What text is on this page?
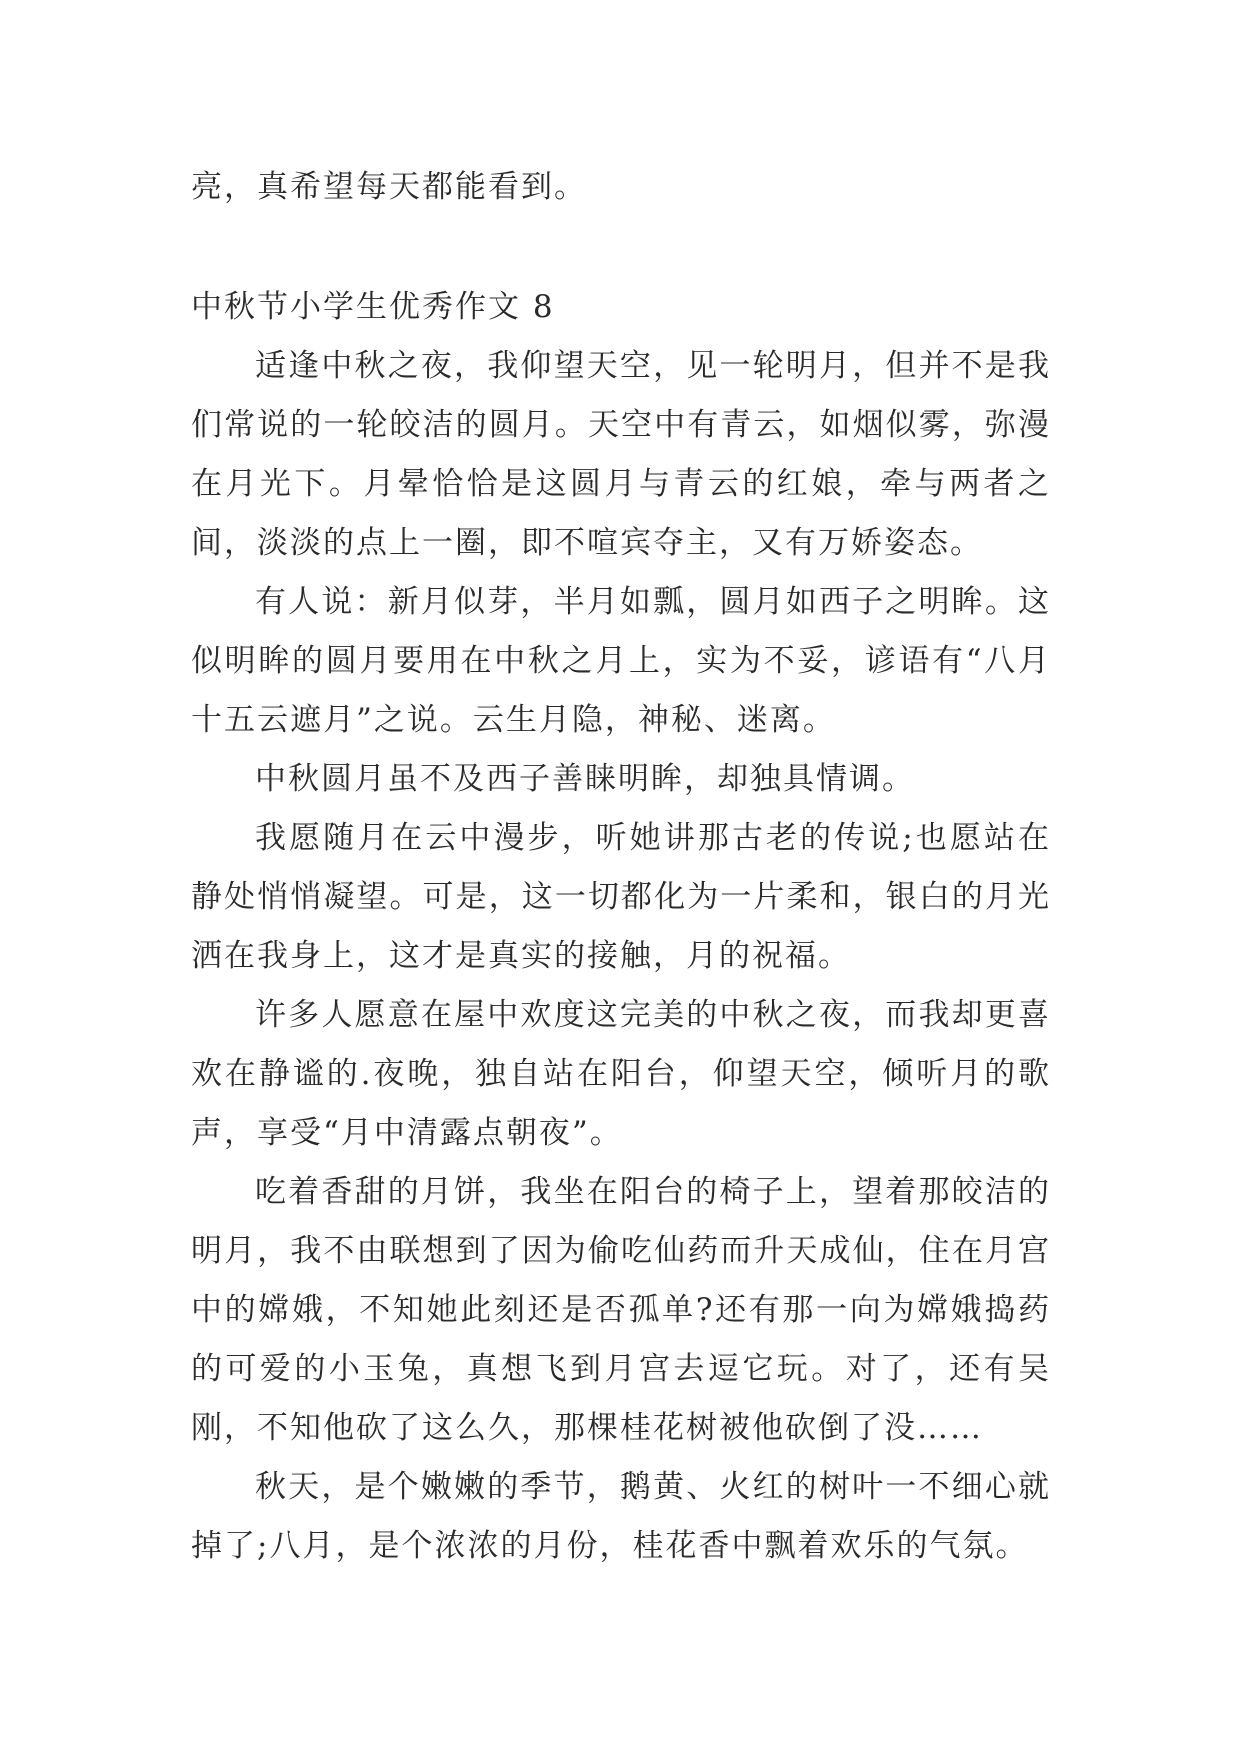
亮，真希望每天都能看到。

中秋节小学生优秀作文 8

适逢中秋之夜，我仰望天空，见一轮明月，但并不是我们常说的一轮皎洁的圆月。天空中有青云，如烟似雾，弥漫在月光下。月晕恰恰是这圆月与青云的红娘，牵与两者之间，淡淡的点上一圈，即不喧宾夺主，又有万娇姿态。

有人说：新月似芽，半月如瓢，圆月如西子之明眸。这似明眸的圆月要用在中秋之月上，实为不妥，谚语有“八月十五云遮月”之说。云生月隐，神秘、迷离。

中秋圆月虽不及西子善睐明眸，却独具情调。

我愿随月在云中漫步，听她讲那古老的传说;也愿站在静处悄悄凝望。可是，这一切都化为一片柔和，银白的月光洒在我身上，这才是真实的接触，月的祝福。

许多人愿意在屋中欢度这完美的中秋之夜，而我却更喜欢在静谧的.夜晚，独自站在阳台，仰望天空，倾听月的歌声，享受“月中清露点朝夜”。

吃着香甜的月饼，我坐在阳台的椅子上，望着那皎洁的明月，我不由联想到了因为偷吃仙药而升天成仙，住在月宫中的嫦娥，不知她此刻还是否孤单?还有那一向为嫦娥捣药的可爱的小玉兔，真想飞到月宫去逗它玩。对了，还有吴刚，不知他砍了这么久，那棵桂花树被他砍倒了没……

秋天，是个嫩嫩的季节，鹅黄、火红的树叶一不细心就掉了;八月，是个浓浓的月份，桂花香中飘着欢乐的气氛。
